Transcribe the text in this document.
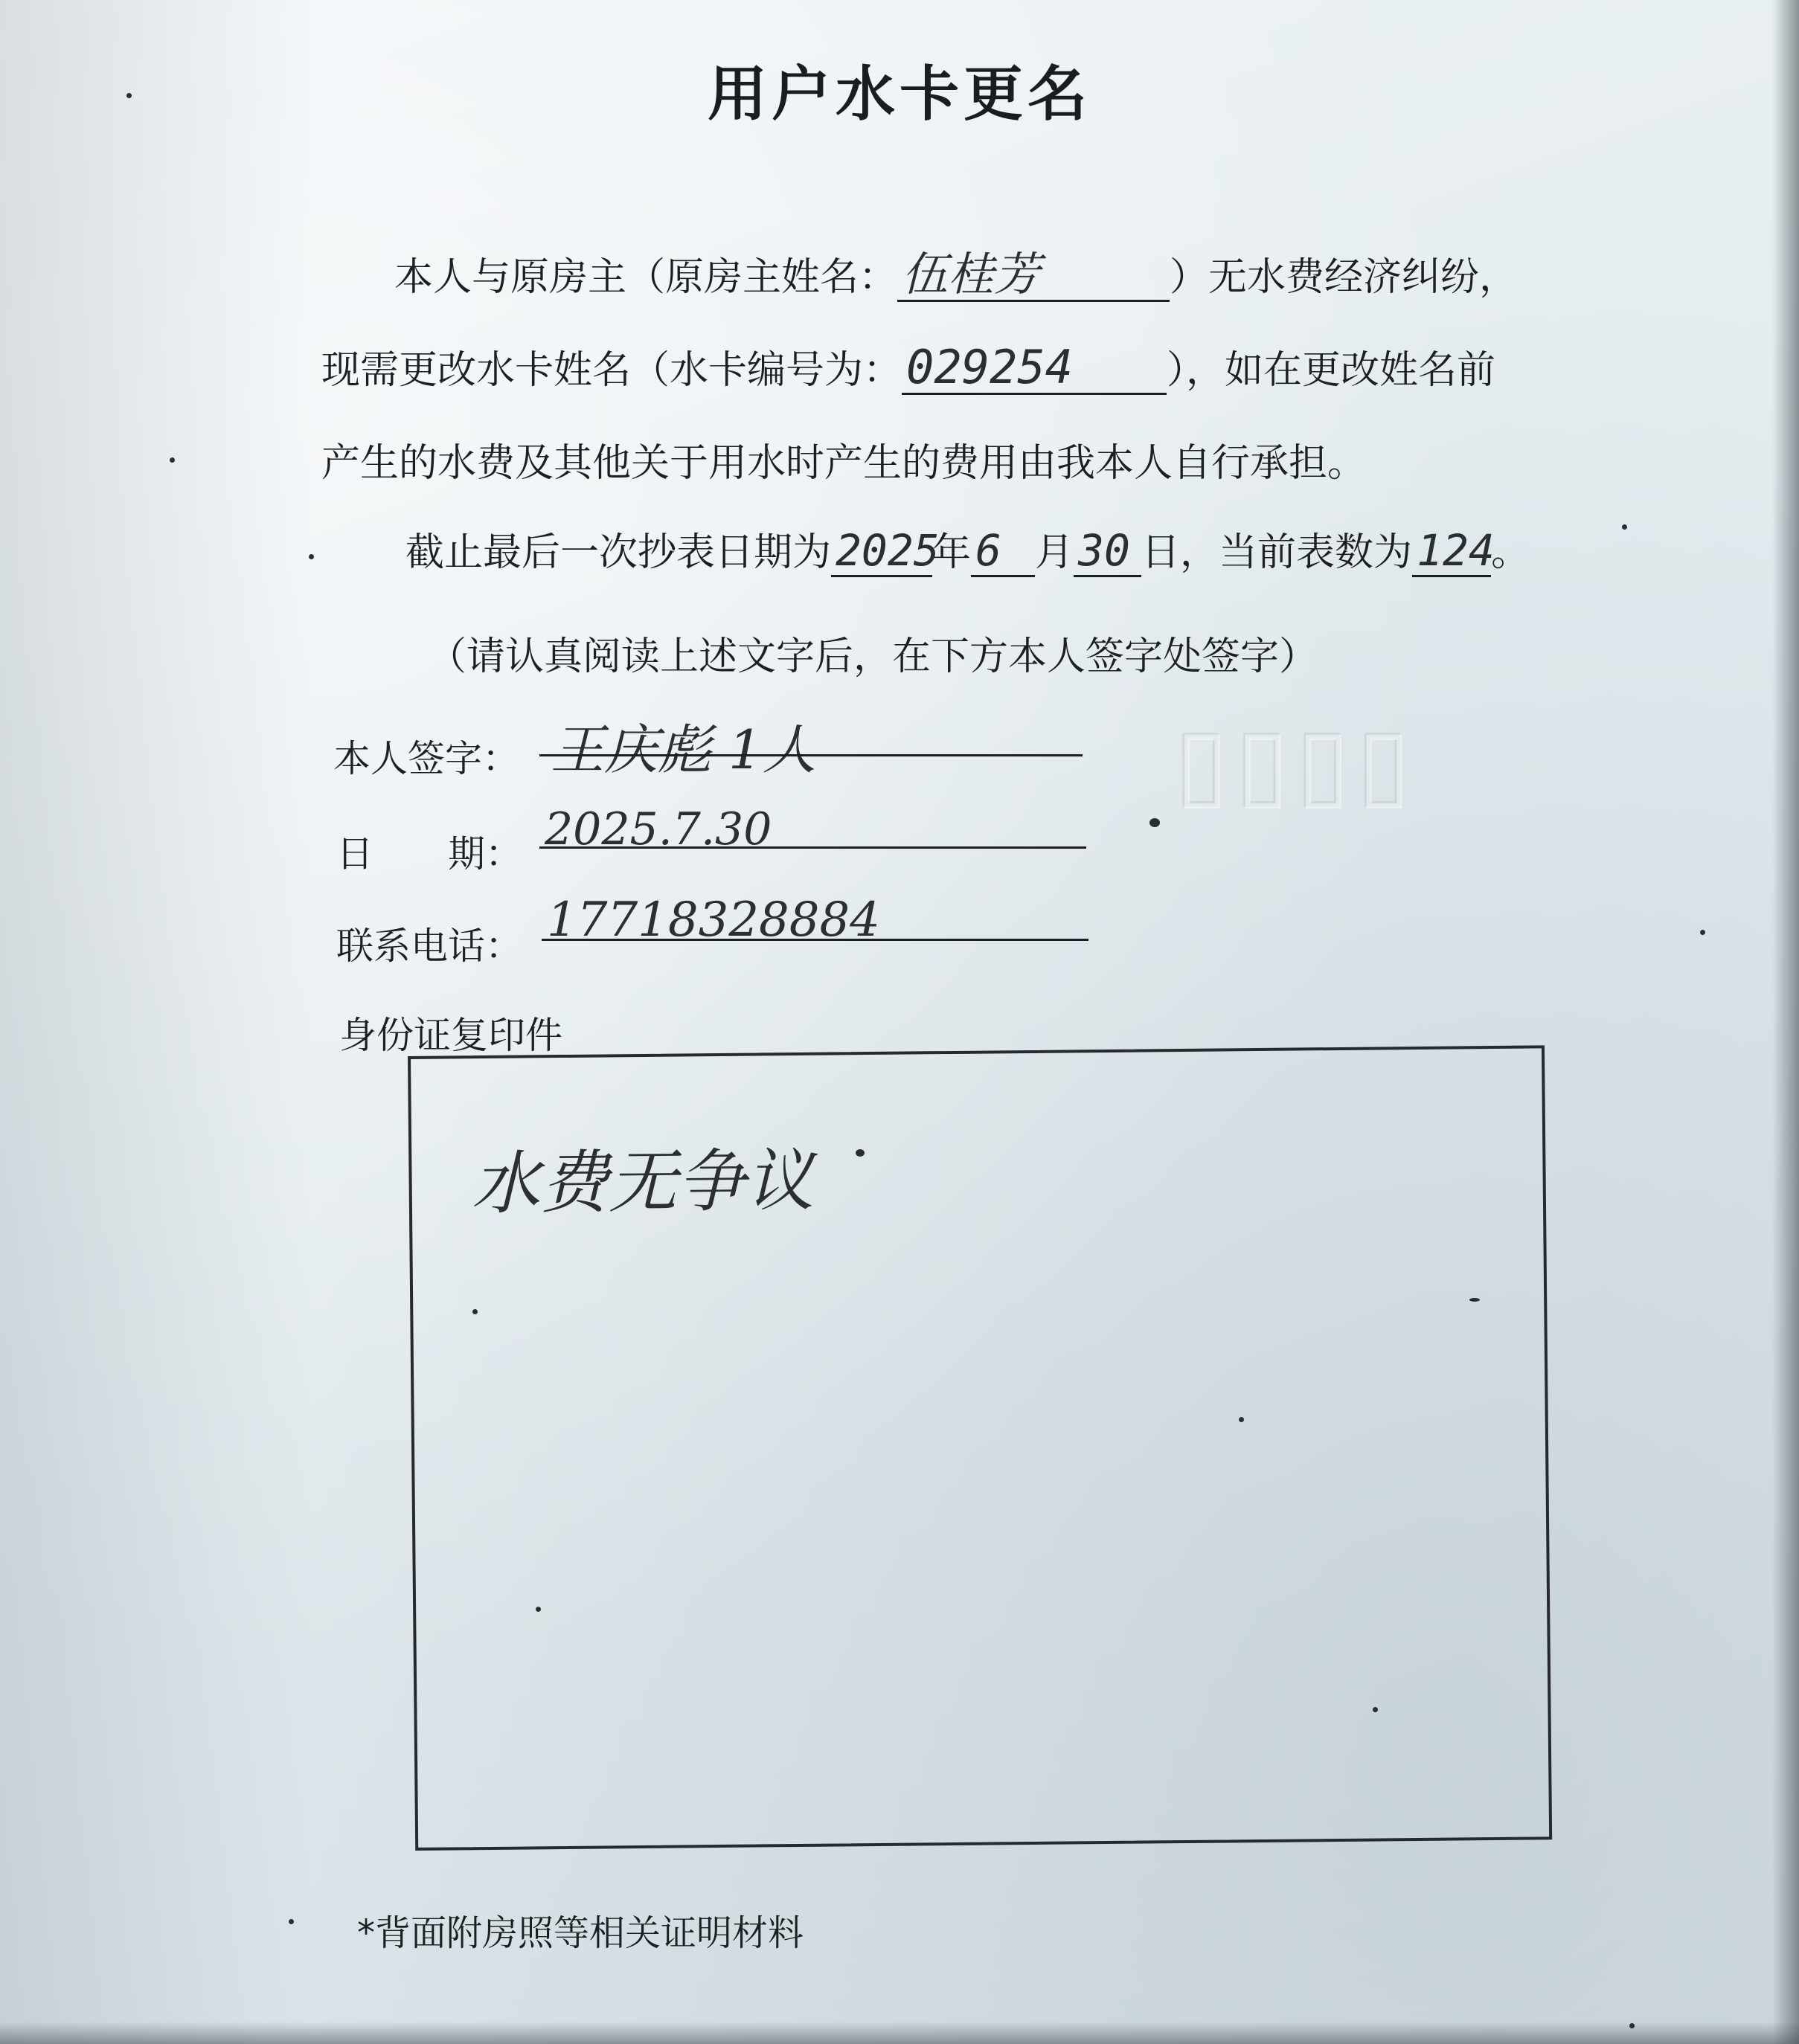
用户水卡更名
本人与原房主（原房主姓名：伍桂芳	）无水费经济纠纷，
现需更改水卡姓名（水卡编号为：029254 ），如在更改姓名前
产生的水费及其他关于用水时产生的费用由我本人自行承担。
截止最后一次抄表日期为 2025年 6 月 30 日，当前表数为 124。
（请认真阅读上述文字后，在下方本人签字处签字）
本人签字： 王庆彪 1人
日　　期： 2025.7.30
联系电话： 17718328884
身份证复印件
水费无争议
▯▯▯▯
*背面附房照等相关证明材料
